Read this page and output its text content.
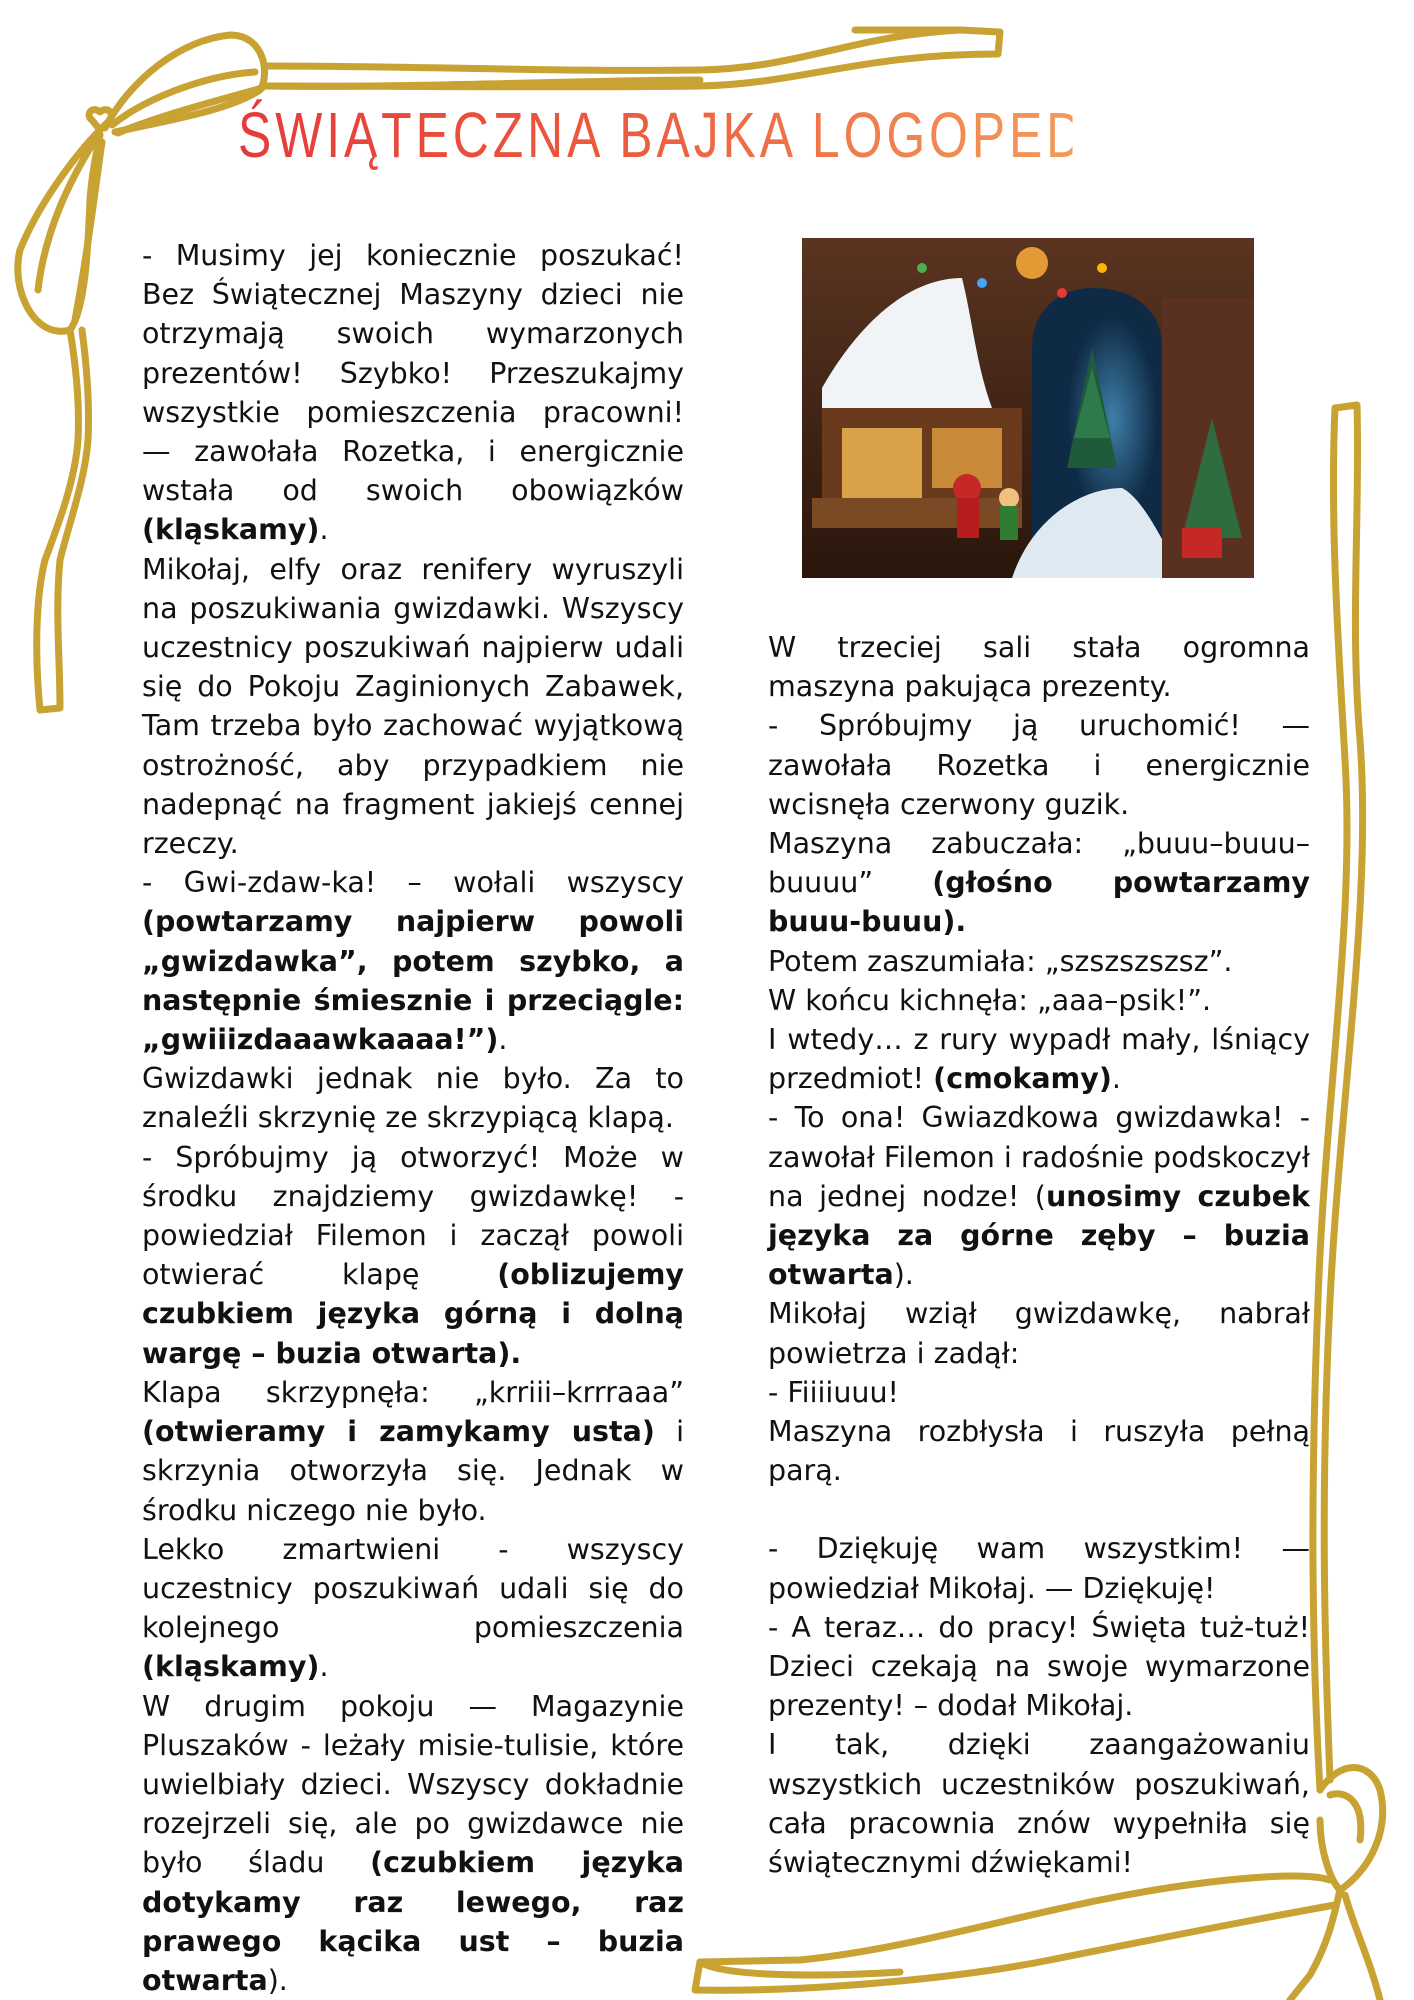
ŚWIĄTECZNA BAJKA LOGOPEDYCZNA

- Musimy jej koniecznie poszukać! Bez Świątecznej Maszyny dzieci nie otrzymają swoich wymarzonych prezentów! Szybko! Przeszukajmy wszystkie pomieszczenia pracowni! — zawołała Rozetka, i energicznie wstała od swoich obowiązków (kląskamy).

Mikołaj, elfy oraz renifery wyruszyli na poszukiwania gwizdawki. Wszyscy uczestnicy poszukiwań najpierw udali się do Pokoju Zaginionych Zabawek, Tam trzeba było zachować wyjątkową ostrożność, aby przypadkiem nie nadepnąć na fragment jakiejś cennej rzeczy.

- Gwi-zdaw-ka! – wołali wszyscy (powtarzamy najpierw powoli „gwizdawka”, potem szybko, a następnie śmiesznie i przeciągle: „gwiiizdaaawkaaaa!”).

Gwizdawki jednak nie było. Za to znaleźli skrzynię ze skrzypiącą klapą.

- Spróbujmy ją otworzyć! Może w środku znajdziemy gwizdawkę! - powiedział Filemon i zaczął powoli otwierać klapę (oblizujemy czubkiem języka górną i dolną wargę – buzia otwarta).

Klapa skrzypnęła: „krriii–krrraaa” (otwieramy i zamykamy usta) i skrzynia otworzyła się. Jednak w środku niczego nie było.

Lekko zmartwieni - wszyscy uczestnicy poszukiwań udali się do kolejnego pomieszczenia (kląskamy).

W drugim pokoju — Magazynie Pluszaków - leżały misie-tulisie, które uwielbiały dzieci. Wszyscy dokładnie rozejrzeli się, ale po gwizdawce nie było śladu (czubkiem języka dotykamy raz lewego, raz prawego kącika ust – buzia otwarta).

W trzeciej sali stała ogromna maszyna pakująca prezenty.

- Spróbujmy ją uruchomić! — zawołała Rozetka i energicznie wcisnęła czerwony guzik.

Maszyna zabuczała: „buuu–buuu–buuuu” (głośno powtarzamy buuu-buuu).

Potem zaszumiała: „szszszszsz”.

W końcu kichnęła: „aaa–psik!”.

I wtedy… z rury wypadł mały, lśniący przedmiot! (cmokamy).

- To ona! Gwiazdkowa gwizdawka! - zawołał Filemon i radośnie podskoczył na jednej nodze! (unosimy czubek języka za górne zęby – buzia otwarta).

Mikołaj wziął gwizdawkę, nabrał powietrza i zadął:

- Fiiiiuuu!

Maszyna rozbłysła i ruszyła pełną parą.

- Dziękuję wam wszystkim! — powiedział Mikołaj. — Dziękuję!

- A teraz… do pracy! Święta tuż-tuż! Dzieci czekają na swoje wymarzone prezenty! – dodał Mikołaj.

I tak, dzięki zaangażowaniu wszystkich uczestników poszukiwań, cała pracownia znów wypełniła się świątecznymi dźwiękami!
